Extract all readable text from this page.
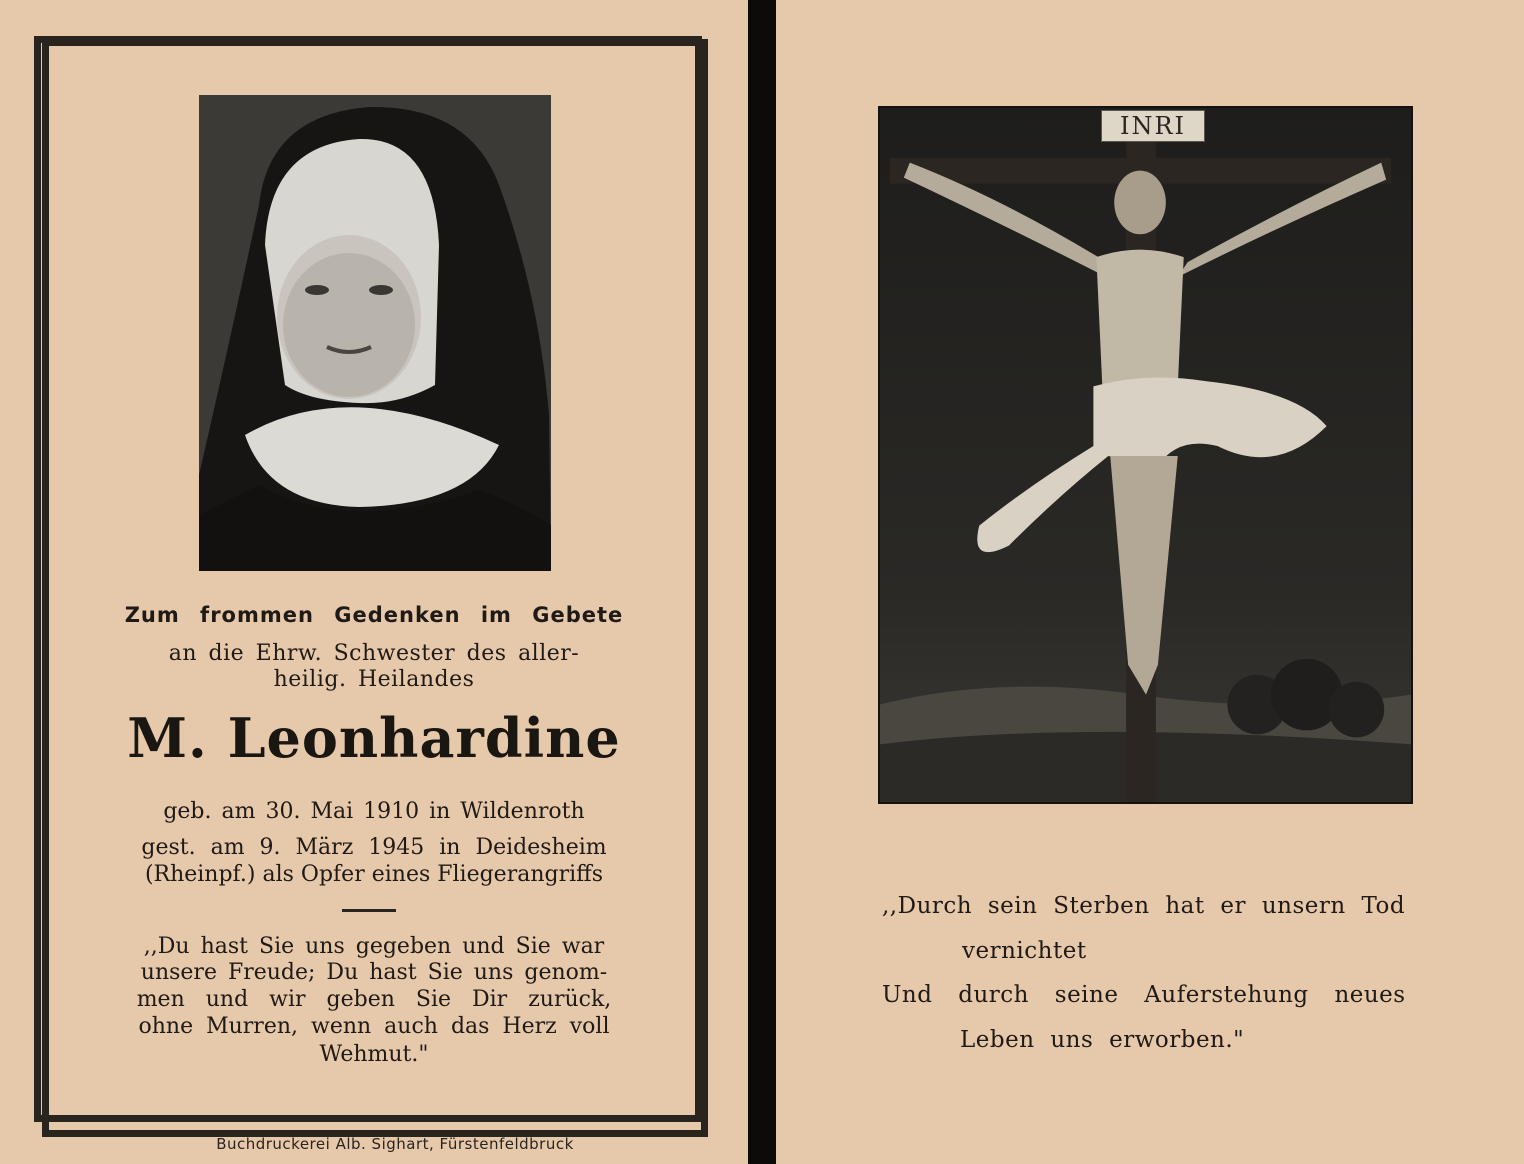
Zum frommen Gedenken im Gebete

an die Ehrw. Schwester des aller-

heilig. Heilandes

M. Leonhardine

geb. am 30. Mai 1910 in Wildenroth

gest. am 9. März 1945 in Deidesheim

(Rheinpf.) als Opfer eines Fliegerangriffs

,,Du hast Sie uns gegeben und Sie war

unsere Freude; Du hast Sie uns genom-

men und wir geben Sie Dir zurück,

ohne Murren, wenn auch das Herz voll

Wehmut."

Buchdruckerei Alb. Sighart, Fürstenfeldbruck

INRI

,,Durch sein Sterben hat er unsern Tod

vernichtet

Und durch seine Auferstehung neues

Leben uns erworben."
